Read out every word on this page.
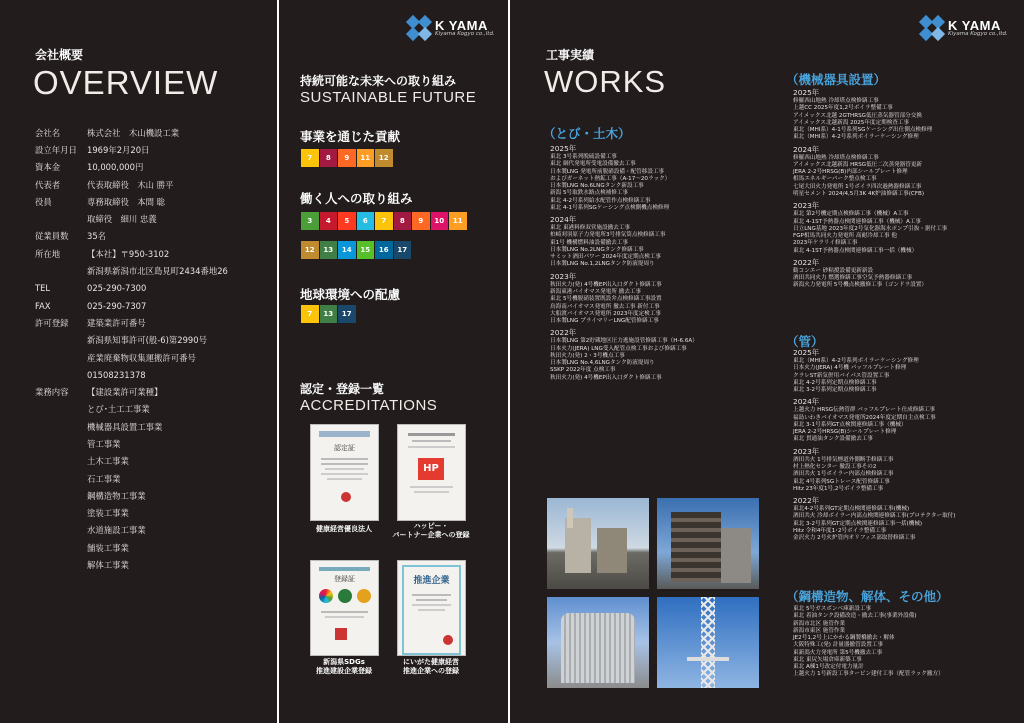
会社概要
OVERVIEW
会社名	株式会社　木山機設工業
設立年月日	1969年2月20日
資本金	10,000,000円
代表者	代表取締役　木山 勝平
役員	専務取締役　本間 聡
	取締役　細川 忠義
従業員数	35名
所在地	【本社】〒950-3102
	新潟県新潟市北区島見町2434番地26
TEL	025-290-7300
FAX	025-290-7307
許可登録	建築業許可番号
	新潟県知事許可(般-6)第2990号
	産業廃棄物収集運搬許可番号
	01508231378
業務内容	【建設業許可業種】
	とび･土工工事業
	機械器具設置工事業
	管工事業
	土木工事業
	石工事業
	鋼構造物工事業
	塗装工事業
	水道施設工事業
	舗装工事業
	解体工事業
K YAMA
Kiyama Kogyo co.,ltd.
持続可能な未来への取り組み
SUSTAINABLE FUTURE
事業を通じた貢献
7	8	9	11	12
働く人への取り組み
3	4	5	6	7	8	9	10	11
12	13	14	15	16	17
地球環境への配慮
7	13	17
認定・登録一覧
ACCREDITATIONS
認定証
健康経営優良法人
HP
ハッピー・
パートナー企業への登録
登録証
新潟県SDGs
推進建設企業登録
推進企業
にいがた健康経営
推進企業への登録
K YAMA
Kiyama Kogyo co.,ltd.
工事実績
WORKS
（とび・土木）
2025年
東北 3号系列脱硫設備工事
東北 網代発電所受電設備撤去工事
日本製LNG 発電所前脱硝設備・配管移設工事
およびガーネット熱鉱工事（A-17〜20ラック）
日本製LNG No.6LNGタンク新設工事
新潟 5号取鉄水路点検補修工事
東北 4-2号系列給水配管作点検修繕工事
東北 4-1号系列SGケーシング点検側機点検修理
2024年
東北 東港料修双営施設撤去工事
柏崎刈羽原子力発電所3号排気筒点検修繕工事
東1号 機構燃料油設備撤去工事
日本製LNG No.2LNGタンク修繕工事
サミット酒田パワー 2024年度定期点検工事
日本製LNG No.1,2LNGタンク防液堤周り
2023年
秋田火力(発) 4号機EP出入口ダクト修繕工事
新潟東港バイオマス発電所 撤去工事
東北 5号機脱硝装置既設弁点検修繕工事設置
鳥海南バイオマス発電所 撤去工事 新付工事
大船渡バイオマス発電所 2023年度定検工事
日本製LNG プライマリーLNG配管修繕工事
2022年
日本製LNG 第2貯蔵地区圧力逃施設管修繕工事（H-6.6A）
日本火力(JERA) LNG受入配管点検工事および修繕工事
秋田火力(発) 2・3号機点工事
日本製LNG No.4,6LNGタンク防液堤周り
SSKP 2022年度 点検工事
秋田火力(発) 4号機EP出入口ダクト修繕工事
（機械器具設置）
2025年
修羅西山地熱 冷却塔点検修繕工事
上越CC 2025年度1,2号ボイラ整備工事
アイメックス北越 2GTHRSG低圧蒸気器管部分交換
アイメックス北越新潟 2025年度定期検査工事
東北（MHI系）4-1号系列SGケーシング出仕側点検修理
東北（MHI系）4-2号系列ボイラーケーシング修理
2024年
修羅西山地熱 冷却塔点検修繕工事
アイメックス北越新潟 HRSG低圧二次蒸発器管更新
JERA 2-2号HRSG(B)内部シールプレート修理
相馬エネルギーパーク整点検工事
七尾大田火力発電所 1号ボイラ四次過熱器修繕工事
明星セメント 2024/4,5月3K 4K炉油修繕工事(CFB)
2023年
東北 第2号機定期点検修繕工事（機械）A工事
東北 4-1ST予熱器点検関連修繕工事（機械）A工事
日立LNG基地 2023年度2号気化器海水ポンプ引抜・据付工事
FGP相馬共同火力発電所 高耐冷却工事 他
2023年ケラリイ修繕工事
東北 4-1ST予熱器点検関連修繕工事一括（機械）
2022年
勧コンエー 砂粘撹設備更新新設
酒田共同火力 燃選修繕工事空気予熱器修繕工事
新潟火力発電所 5号機点検撤修工事（ゴンドラ設置）
（管）
2025年
東北（MHI系）4-2号系列ボイラーケーシング修理
日本火力(JERA) 4号機 パッフルプレート修理
クラレST新気併用バイパス管設置工事
東北 4-2号系列定期点検修繕工事
東北 3-2号系列定期点検修繕工事
2024年
上越火力 HRSG伝熱管群 バッフルプレート仕成修繕工事
福島いわきバイオマス発電所2024年度定期自主点検工事
東北 3-1号系列GT点検関連修繕工事（機械）
JERA 2-2号HRSG(B)シールプレート修理
東北 貫通油タンク設備撤去工事
2023年
酒田共火 1号排気煙道外側断手修繕工事
村上熱化センター 撤設工事その2
酒田共火 1号ボイラー内部点検修繕工事
東北 4号系列SGトレース配管修繕工事
Hitz 23年度1号,2号ボイラ整備工事
2022年
東北4-2号系列GT定期点検関連修繕工事(機械)
酒田共火 冷却ボイラー内部点検関連修繕工事(プロテクター取付)
東北 3-2号系列GT定期点検関連修繕工事一括(機械)
Hitz 令和4年度1･2号ボイラ整備工事
金沢火力 2号火炉管内オリフィス部取替修繕工事
（鋼構造物、解体、その他）
東北 5号ガスボンベ庫新設工事
東北 着油タンク設備改造・撤去工事(事業外設備)
新潟市北区 施管作業
新潟市東区 施管作業
JE2号1,2号上にかかる鋼製橋撤去・解体
大阪特殊工(発) 計量器撤管設置工事
東新潟火力発電所 第5号機撤去工事
東北 東尻矢場倉庫新築工事
東北 A棟1号改定付電力量計
上越火力 1号新設工事タービン建付工事（配管ラック撤方）
